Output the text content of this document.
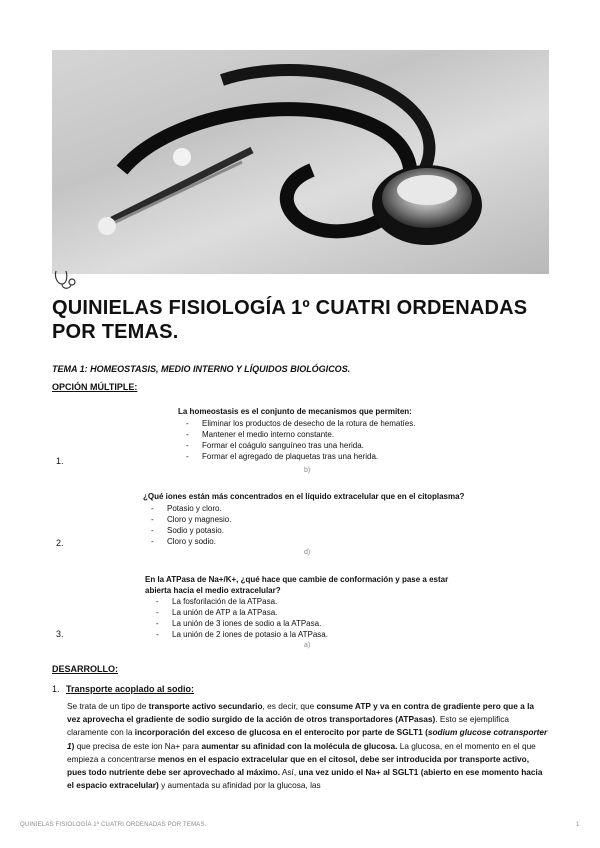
QUINIELAS FISIOLOGÍA 1º CUATRI ORDENADAS POR TEMAS.
TEMA 1: HOMEOSTASIS, MEDIO INTERNO Y LÍQUIDOS BIOLÓGICOS.
OPCIÓN MÚLTIPLE:
La homeostasis es el conjunto de mecanismos que permiten:
- Eliminar los productos de desecho de la rotura de hematíes.
- Mantener el medio interno constante.
- Formar el coágulo sanguíneo tras una herida.
- Formar el agregado de plaquetas tras una herida.
1.
b)
¿Qué iones están más concentrados en el líquido extracelular que en el citoplasma?
- Potasio y cloro.
- Cloro y magnesio.
- Sodio y potasio.
- Cloro y sodio.
2.
d)
En la ATPasa de Na+/K+, ¿qué hace que cambie de conformación y pase a estar
abierta hacia el medio extracelular?
- La fosforilación de la ATPasa.
- La unión de ATP a la ATPasa.
- La unión de 3 iones de sodio a la ATPasa.
- La unión de 2 iones de potasio a la ATPasa.
3.
a)
DESARROLLO:
1. Transporte acoplado al sodio:
Se trata de un tipo de transporte activo secundario, es decir, que consume ATP y va en contra de gradiente pero que a la vez aprovecha el gradiente de sodio surgido de la acción de otros transportadores (ATPasas). Esto se ejemplifica claramente con la incorporación del exceso de glucosa en el enterocito por parte de SGLT1 (sodium glucose cotransporter 1) que precisa de este ion Na+ para aumentar su afinidad con la molécula de glucosa. La glucosa, en el momento en el que empieza a concentrarse menos en el espacio extracelular que en el citosol, debe ser introducida por transporte activo, pues todo nutriente debe ser aprovechado al máximo. Así, una vez unido el Na+ al SGLT1 (abierto en ese momento hacia el espacio extracelular) y aumentada su afinidad por la glucosa, las
QUINIELAS FISIOLOGÍA 1º CUATRI ORDENADAS POR TEMAS.	1
